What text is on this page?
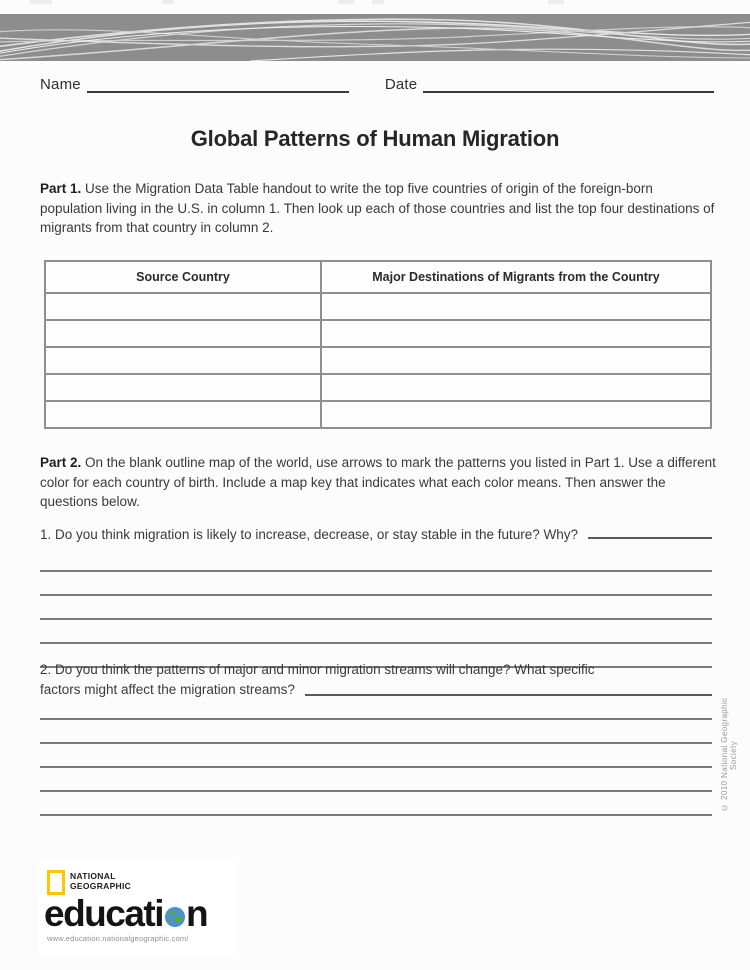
Name	Date
Global Patterns of Human Migration
Part 1. Use the Migration Data Table handout to write the top five countries of origin of the foreign-born population living in the U.S. in column 1. Then look up each of those countries and list the top four destinations of migrants from that country in column 2.
Source Country	Major Destinations of Migrants from the Country
Part 2. On the blank outline map of the world, use arrows to mark the patterns you listed in Part 1. Use a different color for each country of birth. Include a map key that indicates what each color means. Then answer the questions below.
1. Do you think migration is likely to increase, decrease, or stay stable in the future? Why?
2. Do you think the patterns of major and minor migration streams will change? What specific
factors might affect the migration streams?
© 2010 National Geographic Society
NATIONAL
GEOGRAPHIC
educati n
www.education.nationalgeographic.com/
